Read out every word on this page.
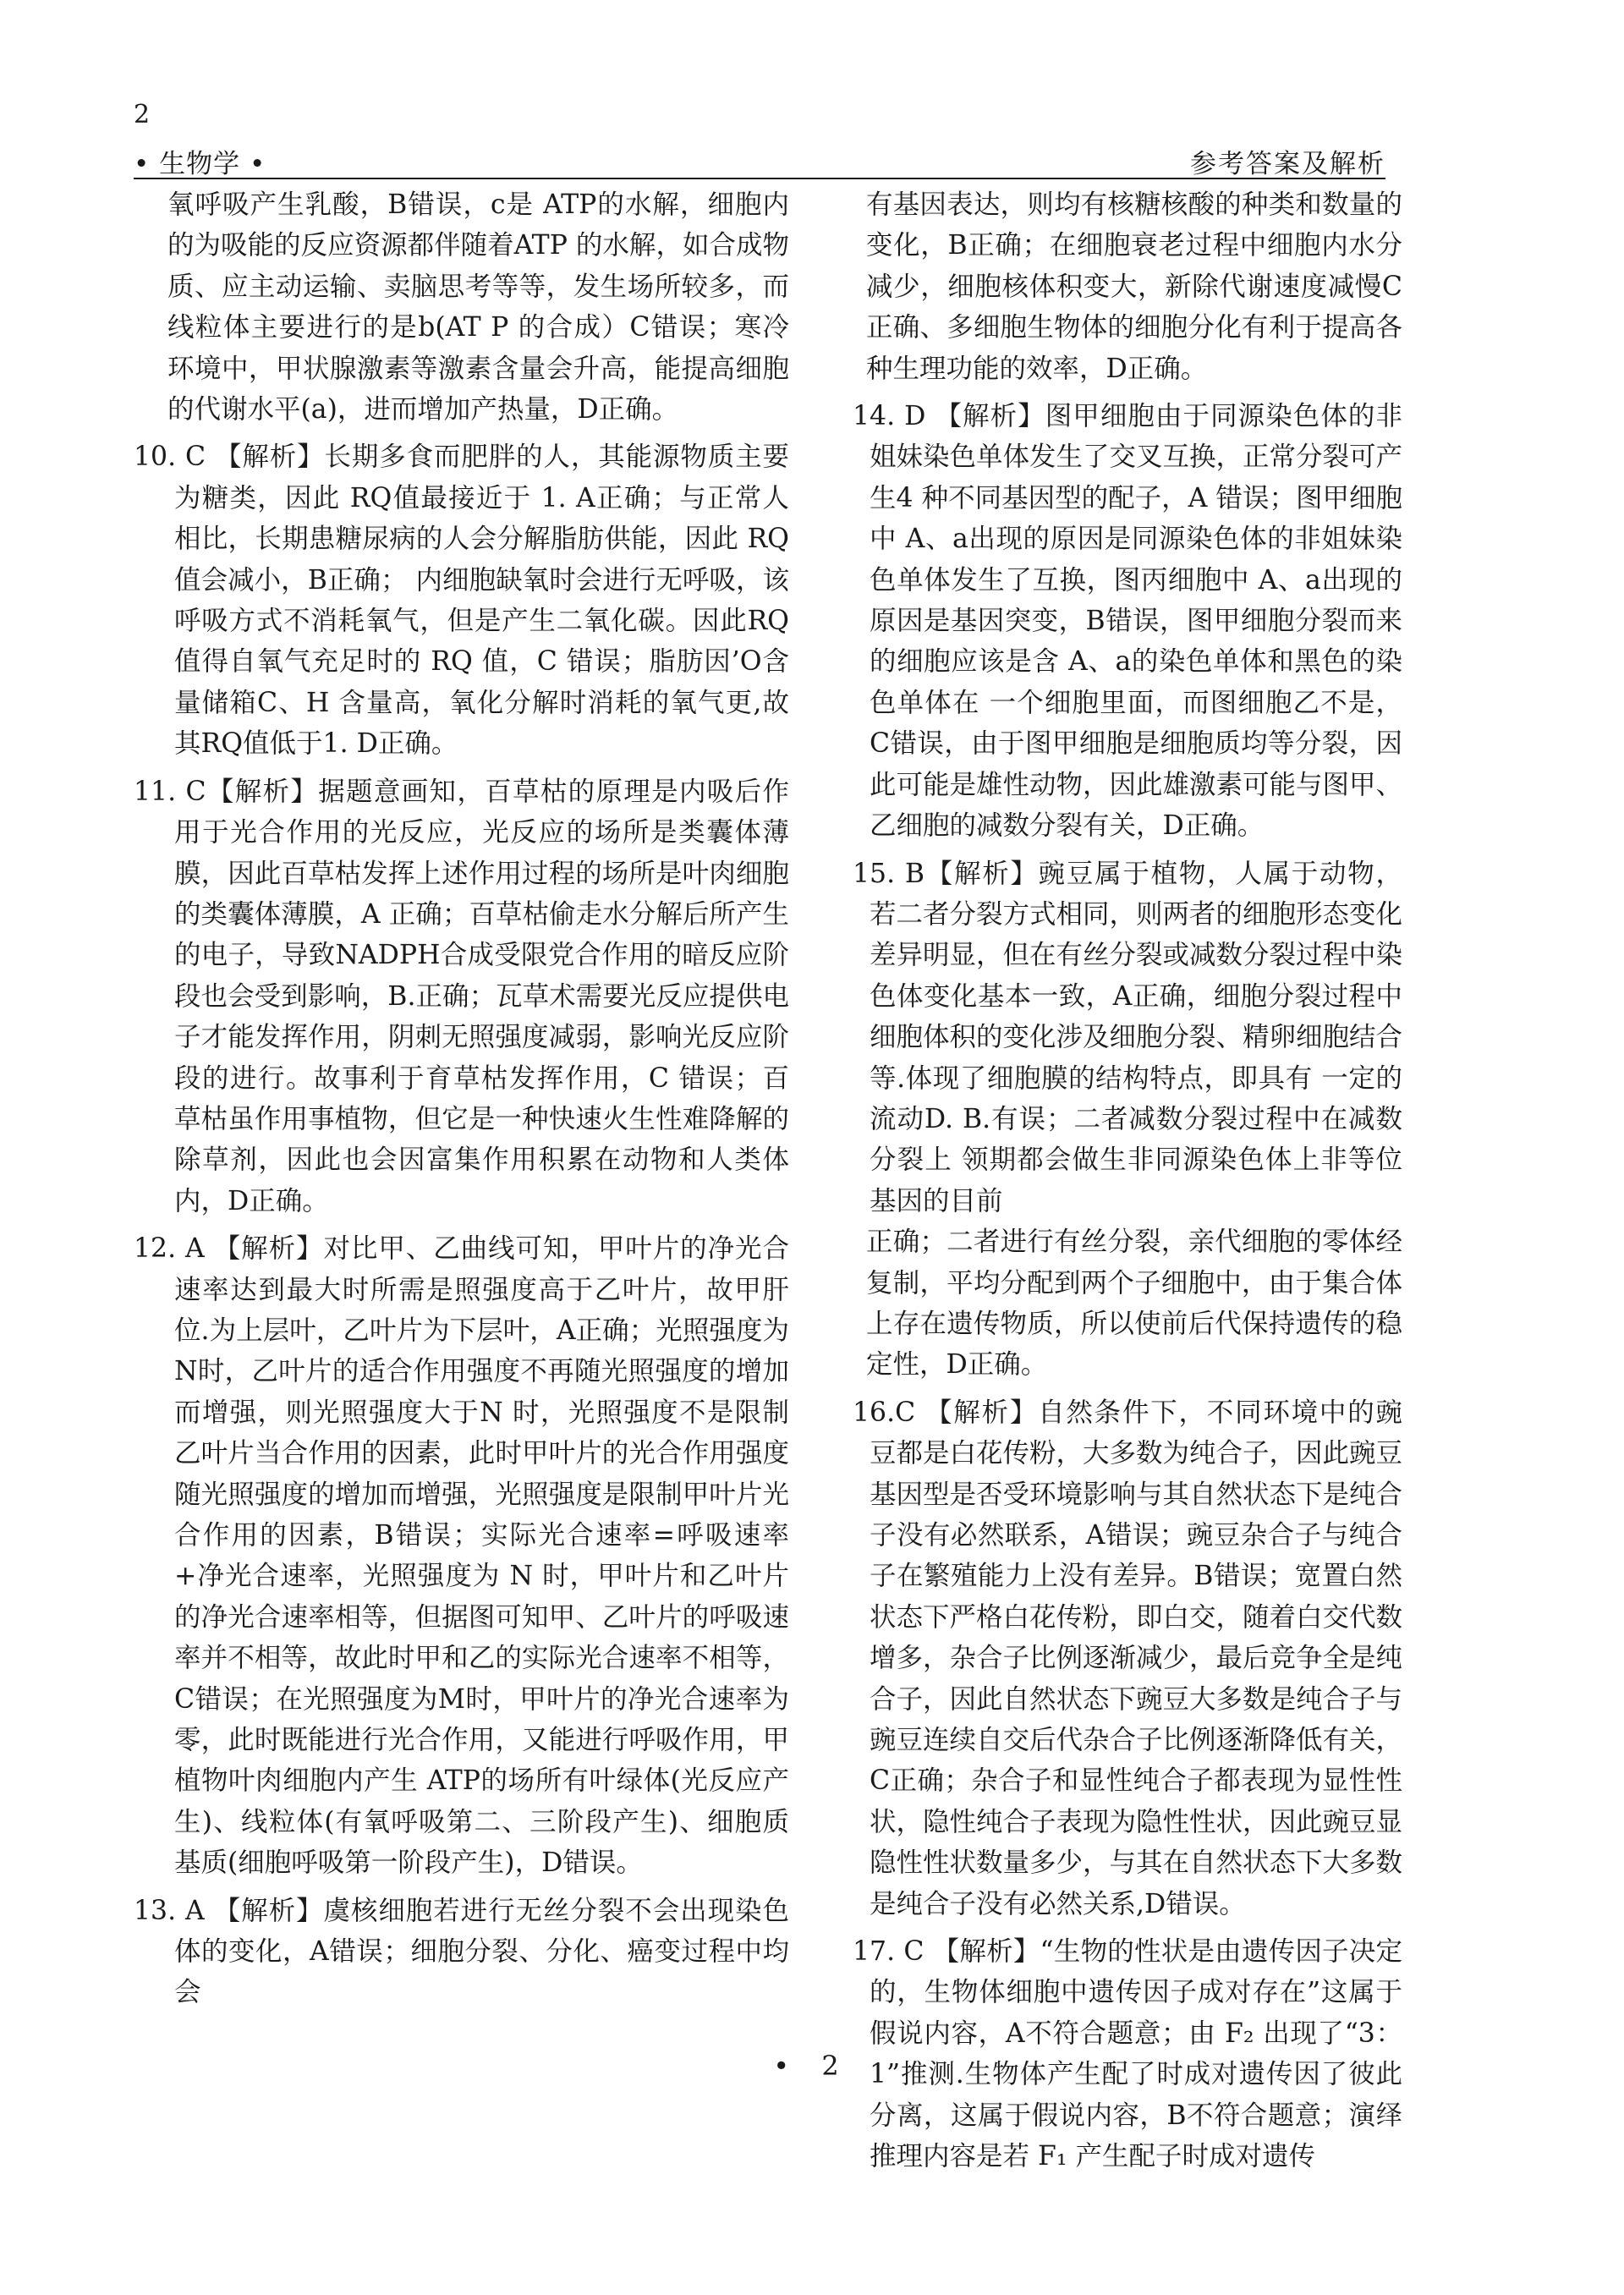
2
• 生物学 •	参考答案及解析

氧呼吸产生乳酸，B错误，c是 ATP的水解，细胞内的为吸能的反应资源都伴随着ATP 的水解，如合成物质、应主动运输、卖脑思考等等，发生场所较多，而线粒体主要进行的是b(AT P 的合成）C错误；寒冷环境中，甲状腺激素等激素含量会升高，能提高细胞的代谢水平(a)，进而增加产热量，D正确。

10. C 【解析】长期多食而肥胖的人，其能源物质主要为糖类，因此 RQ值最接近于 1. A正确；与正常人相比，长期患糖尿病的人会分解脂肪供能，因此 RQ值会减小，B正确； 内细胞缺氧时会进行无呼吸，该呼吸方式不消耗氧气，但是产生二氧化碳。因此RQ 值得自氧气充足时的 RQ 值，C 错误；脂肪因’O含量储箱C、H 含量高，氧化分解时消耗的氧气更,故其RQ值低于1. D正确。

11. C【解析】据题意画知，百草枯的原理是内吸后作用于光合作用的光反应，光反应的场所是类囊体薄膜，因此百草枯发挥上述作用过程的场所是叶肉细胞的类囊体薄膜，A 正确；百草枯偷走水分解后所产生的电子，导致NADPH合成受限党合作用的暗反应阶段也会受到影响，B.正确；瓦草术需要光反应提供电子才能发挥作用，阴刺无照强度减弱，影响光反应阶段的进行。故事利于育草枯发挥作用，C 错误；百草枯虽作用事植物，但它是一种快速火生性难降解的除草剂，因此也会因富集作用积累在动物和人类体内，D正确。

12. A 【解析】对比甲、乙曲线可知，甲叶片的净光合速率达到最大时所需是照强度高于乙叶片，故甲肝位.为上层叶，乙叶片为下层叶，A正确；光照强度为 N时，乙叶片的适合作用强度不再随光照强度的增加而增强，则光照强度大于N 时，光照强度不是限制乙叶片当合作用的因素，此时甲叶片的光合作用强度随光照强度的增加而增强，光照强度是限制甲叶片光合作用的因素，B错误；实际光合速率=呼吸速率+净光合速率，光照强度为 N 时，甲叶片和乙叶片的净光合速率相等，但据图可知甲、乙叶片的呼吸速率并不相等，故此时甲和乙的实际光合速率不相等，C错误；在光照强度为M时，甲叶片的净光合速率为零，此时既能进行光合作用，又能进行呼吸作用，甲植物叶肉细胞内产生 ATP的场所有叶绿体(光反应产生)、线粒体(有氧呼吸第二、三阶段产生)、细胞质基质(细胞呼吸第一阶段产生)，D错误。

13. A 【解析】虞核细胞若进行无丝分裂不会出现染色体的变化，A错误；细胞分裂、分化、癌变过程中均会

有基因表达，则均有核糖核酸的种类和数量的变化，B正确；在细胞衰老过程中细胞内水分减少，细胞核体积变大，新除代谢速度减慢C正确、多细胞生物体的细胞分化有利于提高各种生理功能的效率，D正确。

14. D 【解析】图甲细胞由于同源染色体的非姐妹染色单体发生了交叉互换，正常分裂可产生4 种不同基因型的配子，A 错误；图甲细胞中 A、a出现的原因是同源染色体的非姐妹染色单体发生了互换，图丙细胞中 A、a出现的原因是基因突变，B错误，图甲细胞分裂而来的细胞应该是含 A、a的染色单体和黑色的染色单体在 一个细胞里面，而图细胞乙不是，C错误，由于图甲细胞是细胞质均等分裂，因此可能是雄性动物，因此雄激素可能与图甲、乙细胞的减数分裂有关，D正确。

15. B【解析】豌豆属于植物，人属于动物，若二者分裂方式相同，则两者的细胞形态变化差异明显，但在有丝分裂或减数分裂过程中染色体变化基本一致，A正确，细胞分裂过程中细胞体积的变化涉及细胞分裂、精卵细胞结合等.体现了细胞膜的结构特点，即具有 一定的流动D. B.有误；二者减数分裂过程中在减数分裂上 领期都会做生非同源染色体上非等位基因的目前

正确；二者进行有丝分裂，亲代细胞的零体经复制，平均分配到两个子细胞中，由于集合体上存在遗传物质，所以使前后代保持遗传的稳定性，D正确。

16.C 【解析】自然条件下，不同环境中的豌豆都是白花传粉，大多数为纯合子，因此豌豆基因型是否受环境影响与其自然状态下是纯合子没有必然联系，A错误；豌豆杂合子与纯合子在繁殖能力上没有差异。B错误；宽置白然状态下严格白花传粉，即白交，随着白交代数增多，杂合子比例逐渐减少，最后竞争全是纯合子，因此自然状态下豌豆大多数是纯合子与豌豆连续自交后代杂合子比例逐渐降低有关，C正确；杂合子和显性纯合子都表现为显性性状，隐性纯合子表现为隐性性状，因此豌豆显隐性性状数量多少，与其在自然状态下大多数是纯合子没有必然关系,D错误。

17. C 【解析】“生物的性状是由遗传因子决定的，生物体细胞中遗传因子成对存在”这属于假说内容，A不符合题意；由 F₂ 出现了“3：1”推测.生物体产生配了时成对遗传因了彼此分离，这属于假说内容，B不符合题意；演绎推理内容是若 F₁ 产生配子时成对遗传

• 2
